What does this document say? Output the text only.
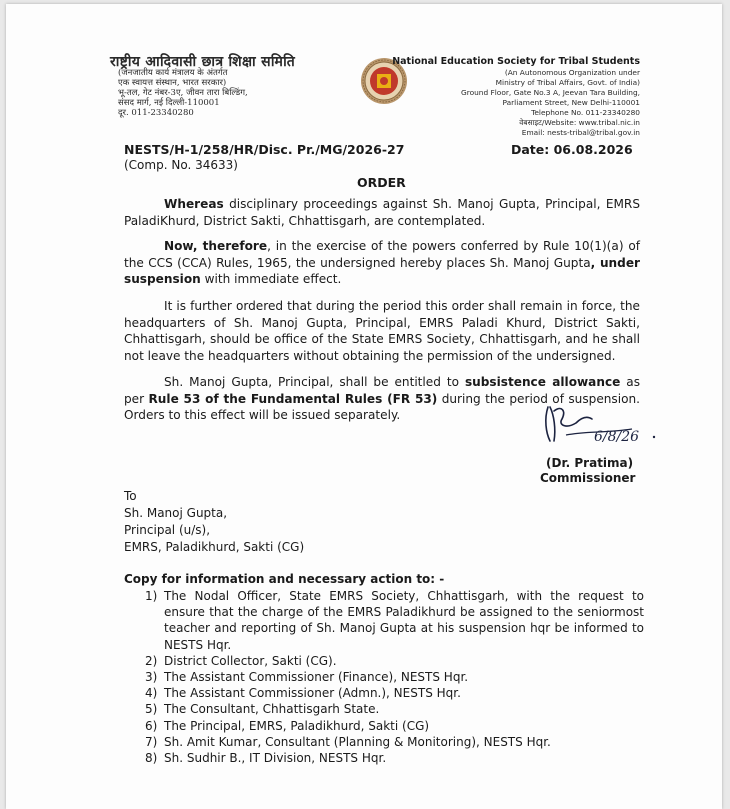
राष्ट्रीय आदिवासी छात्र शिक्षा समिति
(जनजातीय कार्य मंत्रालय के अंतर्गत
एक स्वायत्त संस्थान, भारत सरकार)
भू-तल, गेट नंबर-3ए, जीवन तारा बिल्डिंग,
संसद मार्ग, नई दिल्ली-110001
दूर. 011-23340280
National Education Society for Tribal Students
(An Autonomous Organization under
Ministry of Tribal Affairs, Govt. of India)
Ground Floor, Gate No.3 A, Jeevan Tara Building,
Parliament Street, New Delhi-110001
Telephone No. 011-23340280
वेबसाइट/Website: www.tribal.nic.in
Email: nests-tribal@tribal.gov.in
NESTS/H-1/258/HR/Disc. Pr./MG/2026-27
(Comp. No. 34633)
Date: 06.08.2026
ORDER
Whereas disciplinary proceedings against Sh. Manoj Gupta, Principal, EMRS PaladiKhurd, District Sakti, Chhattisgarh, are contemplated.
Now, therefore, in the exercise of the powers conferred by Rule 10(1)(a) of the CCS (CCA) Rules, 1965, the undersigned hereby places Sh. Manoj Gupta, under suspension with immediate effect.
It is further ordered that during the period this order shall remain in force, the headquarters of Sh. Manoj Gupta, Principal, EMRS Paladi Khurd, District Sakti, Chhattisgarh, should be office of the State EMRS Society, Chhattisgarh, and he shall not leave the headquarters without obtaining the permission of the undersigned.
Sh. Manoj Gupta, Principal, shall be entitled to subsistence allowance as per Rule 53 of the Fundamental Rules (FR 53) during the period of suspension. Orders to this effect will be issued separately.
6/8/26
(Dr. Pratima)
Commissioner
To
Sh. Manoj Gupta,
Principal (u/s),
EMRS, Paladikhurd, Sakti (CG)
Copy for information and necessary action to: -
1) The Nodal Officer, State EMRS Society, Chhattisgarh, with the request to ensure that the charge of the EMRS Paladikhurd be assigned to the seniormost teacher and reporting of Sh. Manoj Gupta at his suspension hqr be informed to NESTS Hqr.
2) District Collector, Sakti (CG).
3) The Assistant Commissioner (Finance), NESTS Hqr.
4) The Assistant Commissioner (Admn.), NESTS Hqr.
5) The Consultant, Chhattisgarh State.
6) The Principal, EMRS, Paladikhurd, Sakti (CG)
7) Sh. Amit Kumar, Consultant (Planning & Monitoring), NESTS Hqr.
8) Sh. Sudhir B., IT Division, NESTS Hqr.
